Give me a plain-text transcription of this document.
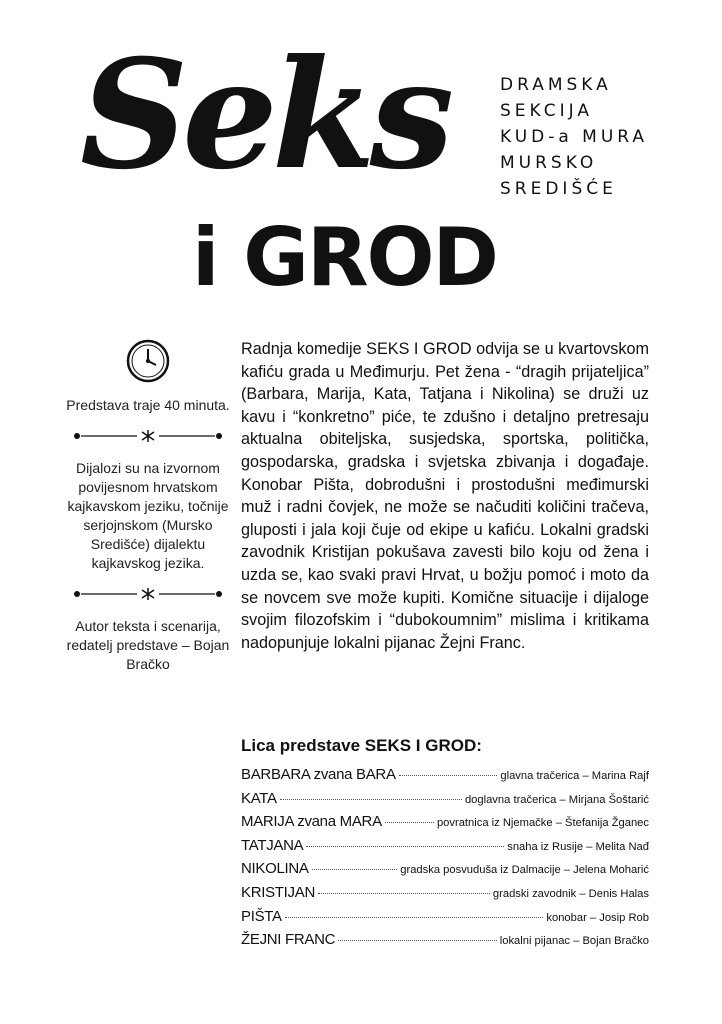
Seks
i GROD
DRAMSKA
SEKCIJA
KUD-a MURA
MURSKO
SREDIŠĆE

Predstava traje 40 minuta.

Dijalozi su na izvornom povijesnom hrvatskom kajkavskom jeziku, točnije serjojnskom (Mursko Središće) dijalektu kajkavskog jezika.

Autor teksta i scenarija, redatelj predstave – Bojan Bračko

Radnja komedije SEKS I GROD odvija se u kvartovskom kafiću grada u Međimurju. Pet žena - “dragih prijateljica” (Barbara, Marija, Kata, Tatjana i Nikolina) se druži uz kavu i “konkretno” piće, te zdušno i detaljno pretresaju aktualna obiteljska, susjedska, sportska, politička, gospodarska, gradska i svjetska zbivanja i događaje. Konobar Pišta, dobrodušni i prostodušni međimurski muž i radni čovjek, ne može se načuditi količini tračeva, gluposti i jala koji čuje od ekipe u kafiću. Lokalni gradski zavodnik Kristijan pokušava zavesti bilo koju od žena i uzda se, kao svaki pravi Hrvat, u božju pomoć i moto da se novcem sve može kupiti. Komične situacije i dijaloge svojim filozofskim i “dubokoumnim” mislima i kritikama nadopunjuje lokalni pijanac Žejni Franc.

Lica predstave SEKS I GROD:
BARBARA zvana BARA	glavna tračerica – Marina Rajf
KATA	doglavna tračerica – Mirjana Šoštarić
MARIJA zvana MARA	povratnica iz Njemačke – Štefanija Žganec
TATJANA	snaha iz Rusije – Melita Nađ
NIKOLINA	gradska posvuduša iz Dalmacije – Jelena Moharić
KRISTIJAN	gradski zavodnik – Denis Halas
PIŠTA	konobar – Josip Rob
ŽEJNI FRANC	lokalni pijanac – Bojan Bračko
